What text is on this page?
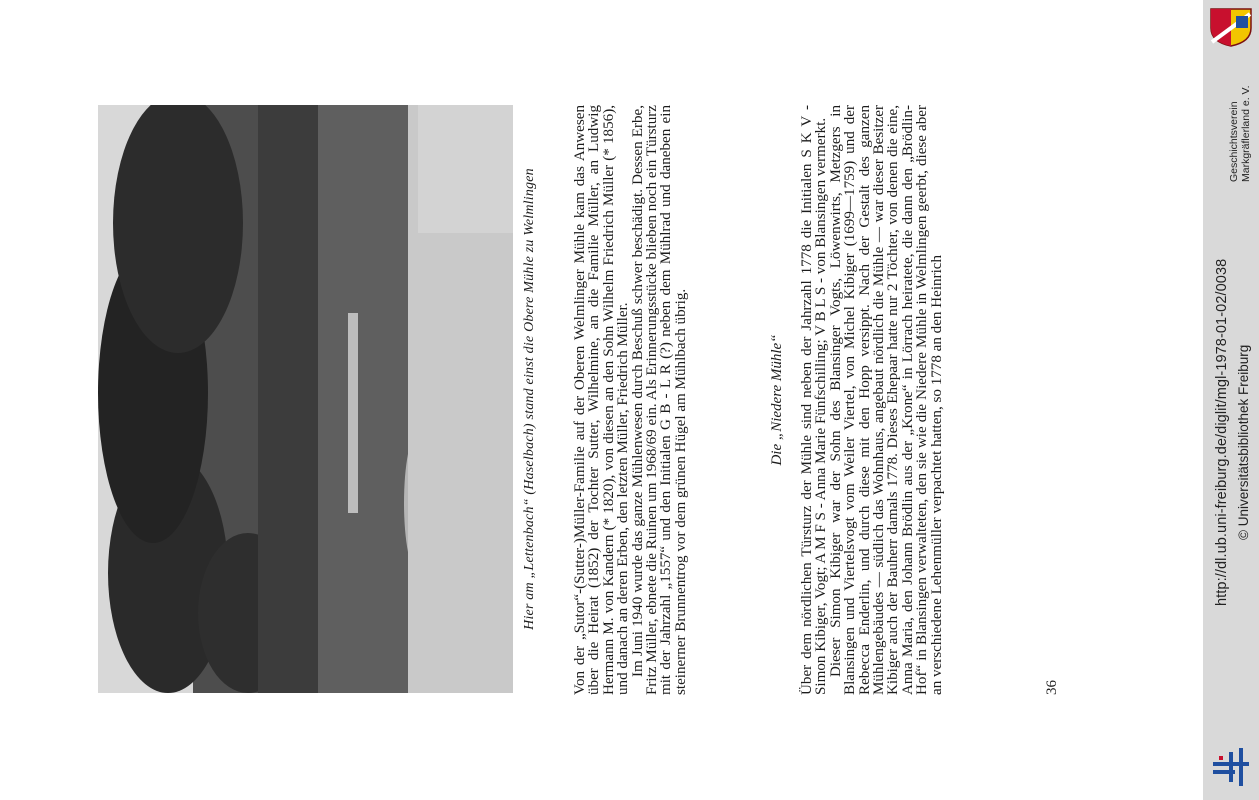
Hier am „Lettenbach“ (Haselbach) stand einst die Obere Mühle zu Welmlingen Von der „Sutor“-(Sutter-)Müller-Familie auf der Oberen Welmlinger Mühle kam das Anwesen über die Heirat (1852) der Tochter Sutter, Wilhelmine, an die Familie Müller, an Ludwig Hermann M. von Kandern (* 1820), von diesen an den Sohn Wilhelm Friedrich Müller (* 1856), und danach an deren Erben, den letzten Müller, Friedrich Müller.

Im Juni 1940 wurde das ganze Mühlenwesen durch Beschuß schwer beschädigt. Dessen Erbe, Fritz Müller, ebnete die Ruinen um 1968/69 ein. Als Erinnerungsstücke blieben noch ein Türsturz mit der Jahrzahl „1557“ und den Initialen G B - L R (?) neben dem Mühlrad und daneben ein steinerner Brunnentrog vor dem grünen Hügel am Mühlbach übrig.	Die „Niedere Mühle“ Über dem nördlichen Türsturz der Mühle sind neben der Jahrzahl 1778 die Initialen S K V - Simon Kibiger, Vogt; A M F S - Anna Marie Fünfschilling; V B L S - von Blansingen vermerkt.

Dieser Simon Kibiger war der Sohn des Blansinger Vogts, Löwenwirts, Metzgers in Blansingen und Viertelsvogt vom Weiler Viertel, von Michel Kibiger (1699—1759) und der Rebecca Enderlin, und durch diese mit den Hopp versippt. Nach der Gestalt des ganzen Mühlengebäudes — südlich das Wohnhaus, angebaut nördlich die Mühle — war dieser Besitzer Kibiger auch der Bauherr damals 1778. Dieses Ehepaar hatte nur 2 Töchter, von denen die eine, Anna Maria, den Johann Brödlin aus der „Krone“ in Lörrach heiratete, die dann den „Brödlin-Hof“ in Blansingen verwalteten, den sie wie die Niedere Mühle in Welmlingen geerbt, diese aber an verschiedene Lehenmüller verpachtet hatten, so 1778 an den Heinrich	36
http://dl.ub.uni-freiburg.de/diglit/mgl-1978-01-02/0038 © Universitätsbibliothek Freiburg
Geschichtsverein Markgräflerland e. V.
